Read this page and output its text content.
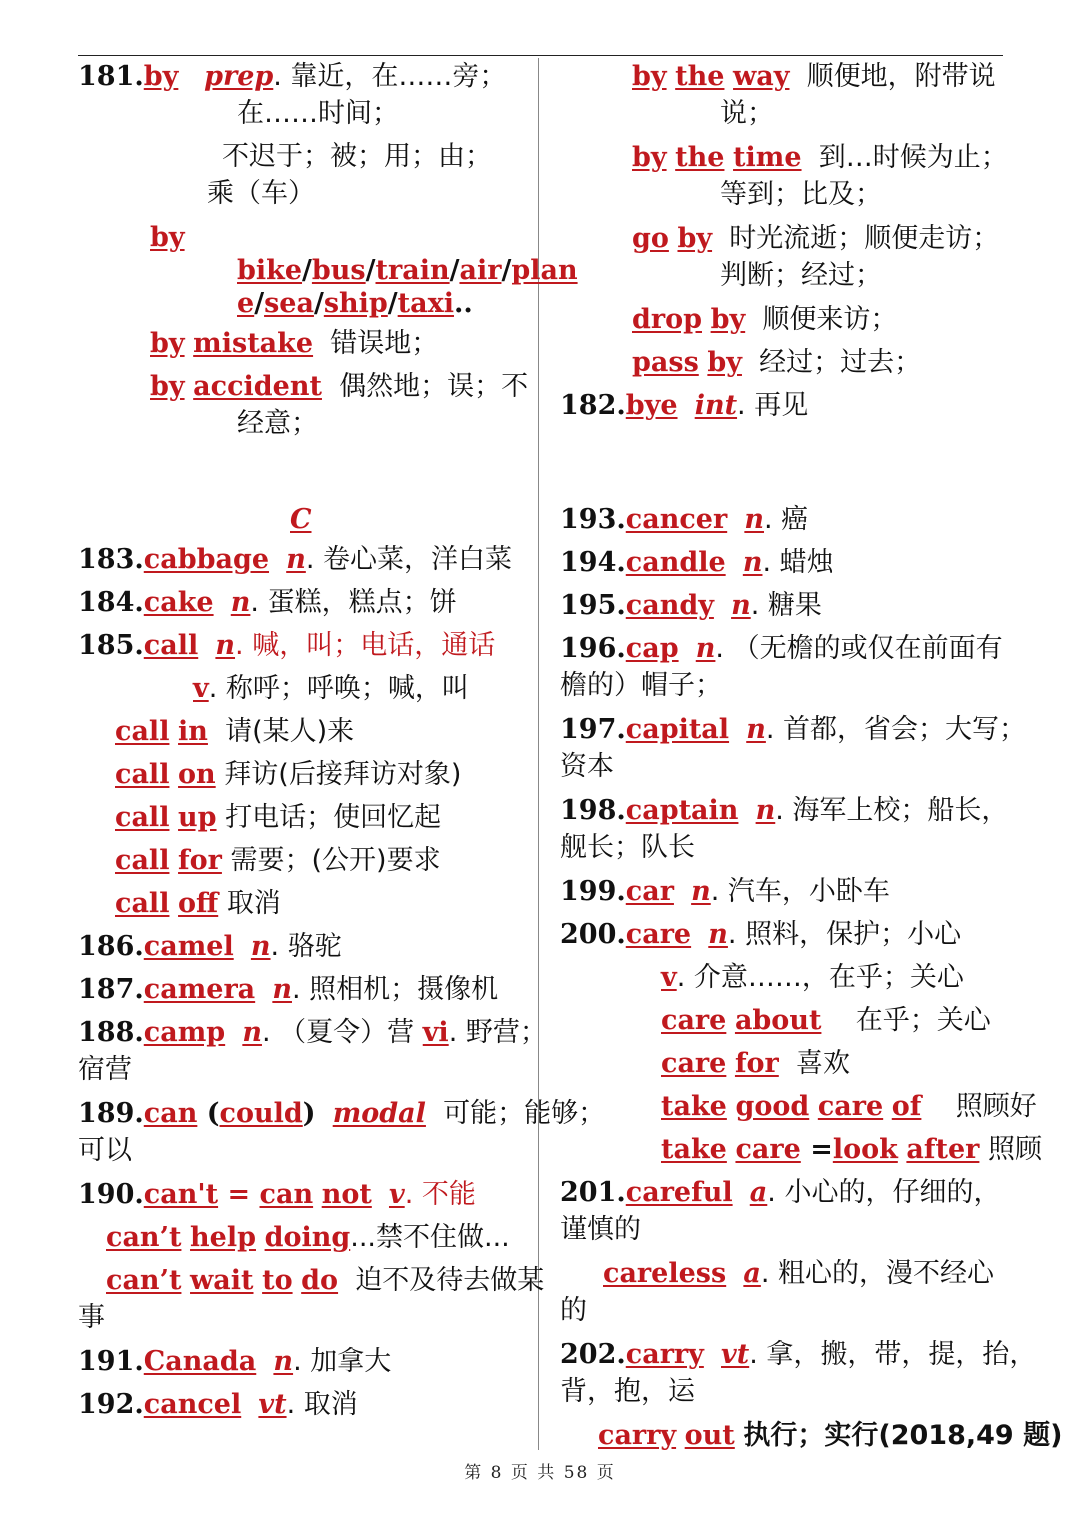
181.by prep. 靠近，在……旁；
在……时间；
不迟于；被；用；由；
乘（车）
by
bike/bus/train/air/plan
e/sea/ship/taxi..
by mistake 错误地；
by accident 偶然地；误；不
经意；
C
183.cabbage n. 卷心菜，洋白菜
184.cake n. 蛋糕，糕点；饼
185.call n. 喊，叫；电话，通话
v. 称呼；呼唤；喊，叫
call in 请(某人)来
call on 拜访(后接拜访对象)
call up 打电话；使回忆起
call for 需要；(公开)要求
call off 取消
186.camel n. 骆驼
187.camera n. 照相机；摄像机
188.camp n. （夏令）营 vi. 野营；
宿营
189.can (could) modal 可能；能够；
可以
190.can't = can not v. 不能
can’t help doing...禁不住做...
can’t wait to do 迫不及待去做某
事
191.Canada n. 加拿大
192.cancel vt. 取消
by the way 顺便地，附带说
说；
by the time 到…时候为止；
等到；比及；
go by 时光流逝；顺便走访；
判断；经过；
drop by 顺便来访；
pass by 经过；过去；
182.bye int. 再见
193.cancer n. 癌
194.candle n. 蜡烛
195.candy n. 糖果
196.cap n. （无檐的或仅在前面有
檐的）帽子；
197.capital n. 首都，省会；大写；
资本
198.captain n. 海军上校；船长，
舰长；队长
199.car n. 汽车，小卧车
200.care n. 照料，保护；小心
v. 介意……，在乎；关心
care about 在乎；关心
care for 喜欢
take good care of 照顾好
take care =look after 照顾
201.careful a. 小心的，仔细的，
谨慎的
careless a. 粗心的，漫不经心
的
202.carry vt. 拿，搬，带，提，抬，
背，抱，运
carry out 执行；实行(2018,49 题)
第 8 页 共 58 页
